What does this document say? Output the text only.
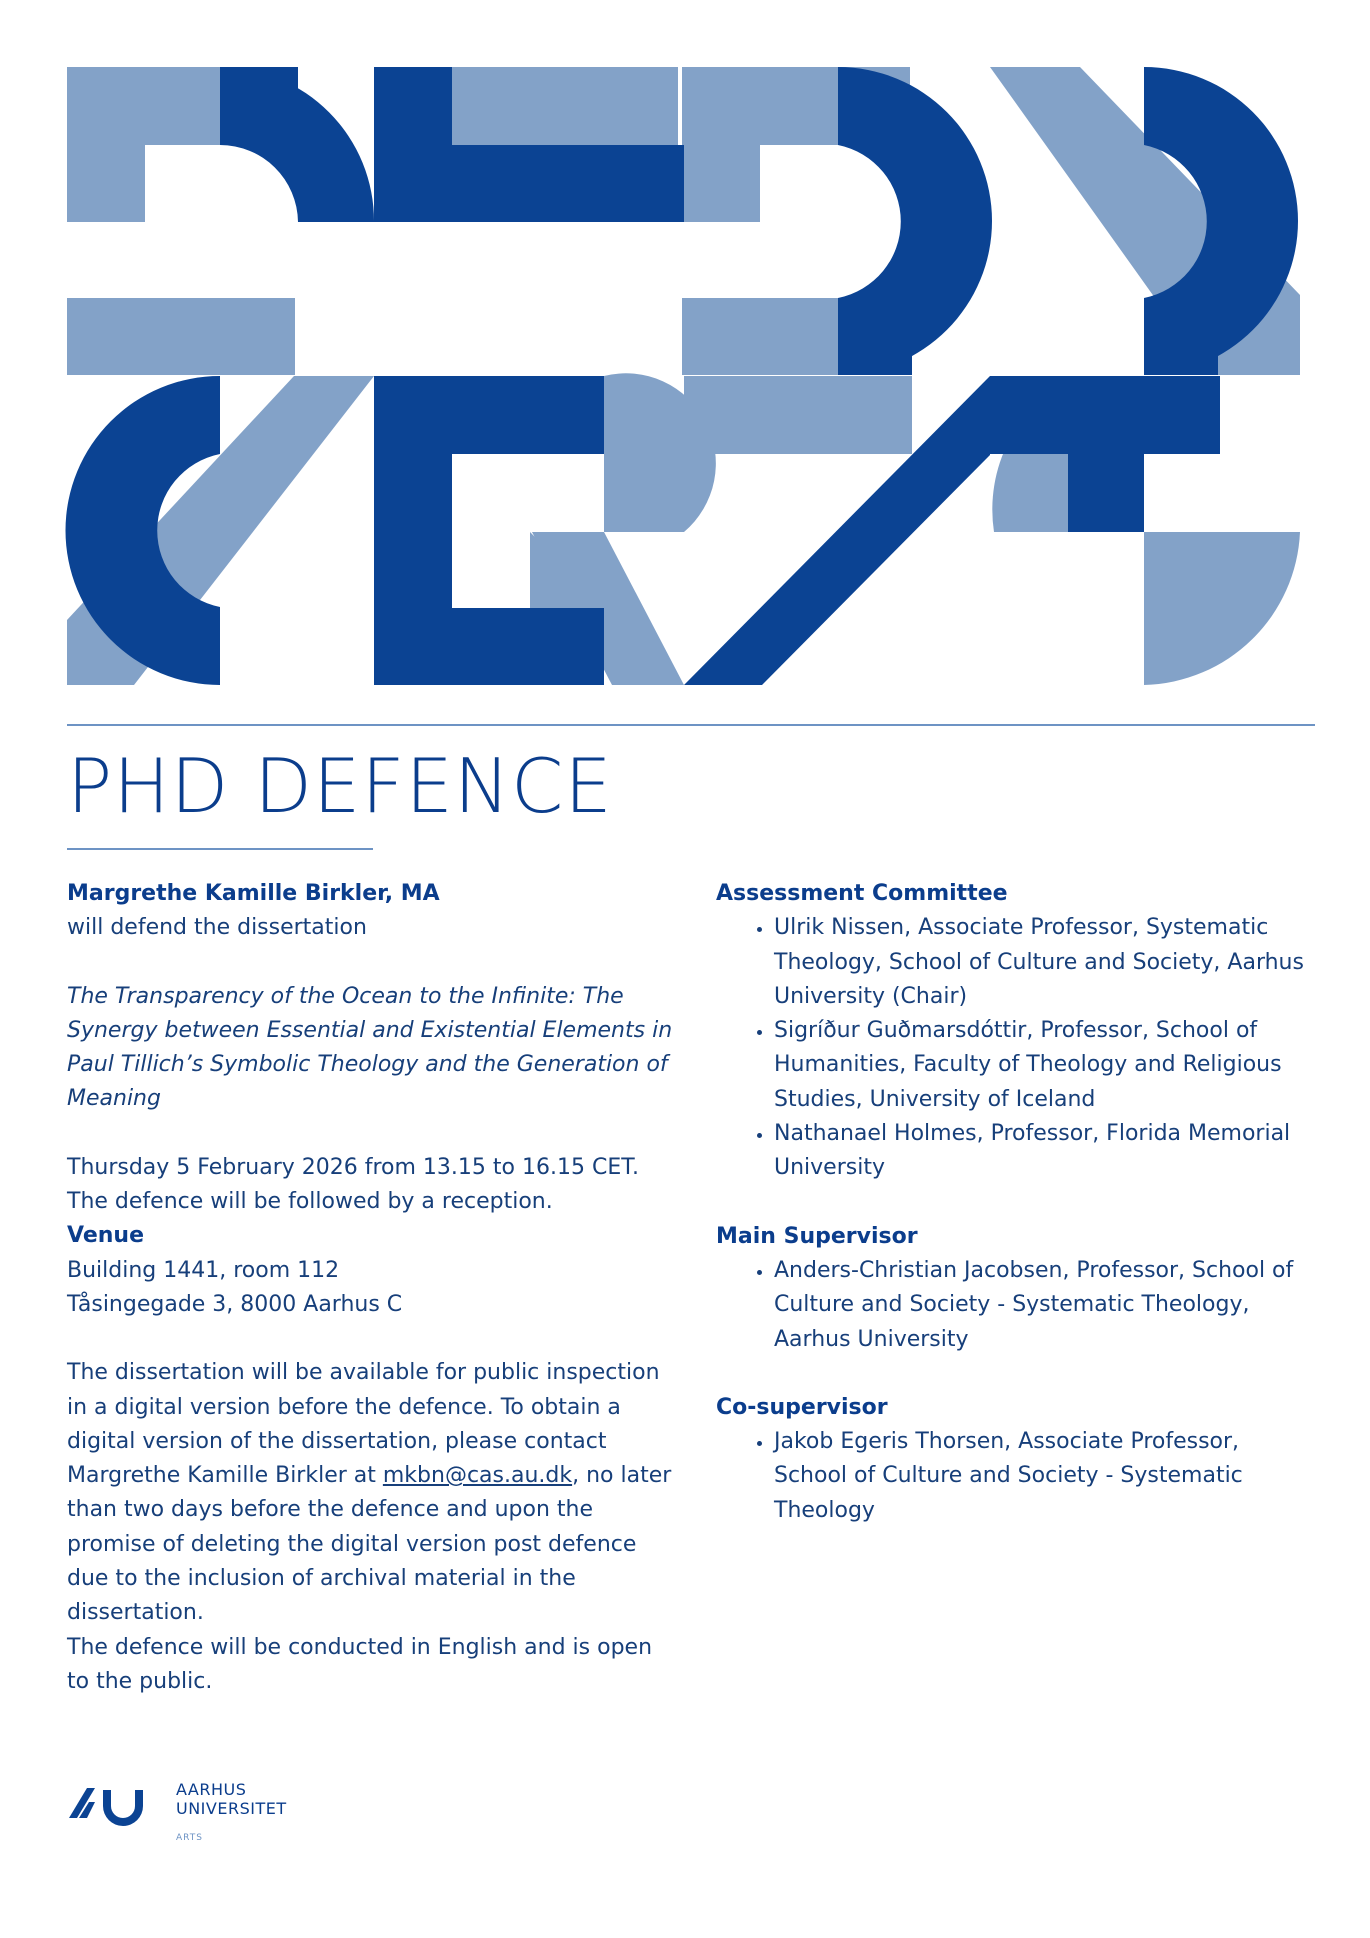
PHD DEFENCE

Margrethe Kamille Birkler, MA

will defend the dissertation

The Transparency of the Ocean to the Infinite: The Synergy between Essential and Existential Elements in Paul Tillich’s Symbolic Theology and the Generation of Meaning

Thursday 5 February 2026 from 13.15 to 16.15 CET.

The defence will be followed by a reception.

Venue

Building 1441, room 112

Tåsingegade 3, 8000 Aarhus C

The dissertation will be available for public inspection in a digital version before the defence. To obtain a digital version of the dissertation, please contact Margrethe Kamille Birkler at mkbn@cas.au.dk, no later than two days before the defence and upon the promise of deleting the digital version post defence due to the inclusion of archival material in the dissertation.

The defence will be conducted in English and is open to the public.

Assessment Committee

• Ulrik Nissen, Associate Professor, Systematic Theology, School of Culture and Society, Aarhus University (Chair)
• Sigríður Guðmarsdóttir, Professor, School of Humanities, Faculty of Theology and Religious Studies, University of Iceland
• Nathanael Holmes, Professor, Florida Memorial University

Main Supervisor

• Anders-Christian Jacobsen, Professor, School of Culture and Society - Systematic Theology, Aarhus University

Co-supervisor

• Jakob Egeris Thorsen, Associate Professor, School of Culture and Society - Systematic Theology
AARHUS
UNIVERSITET
ARTS
